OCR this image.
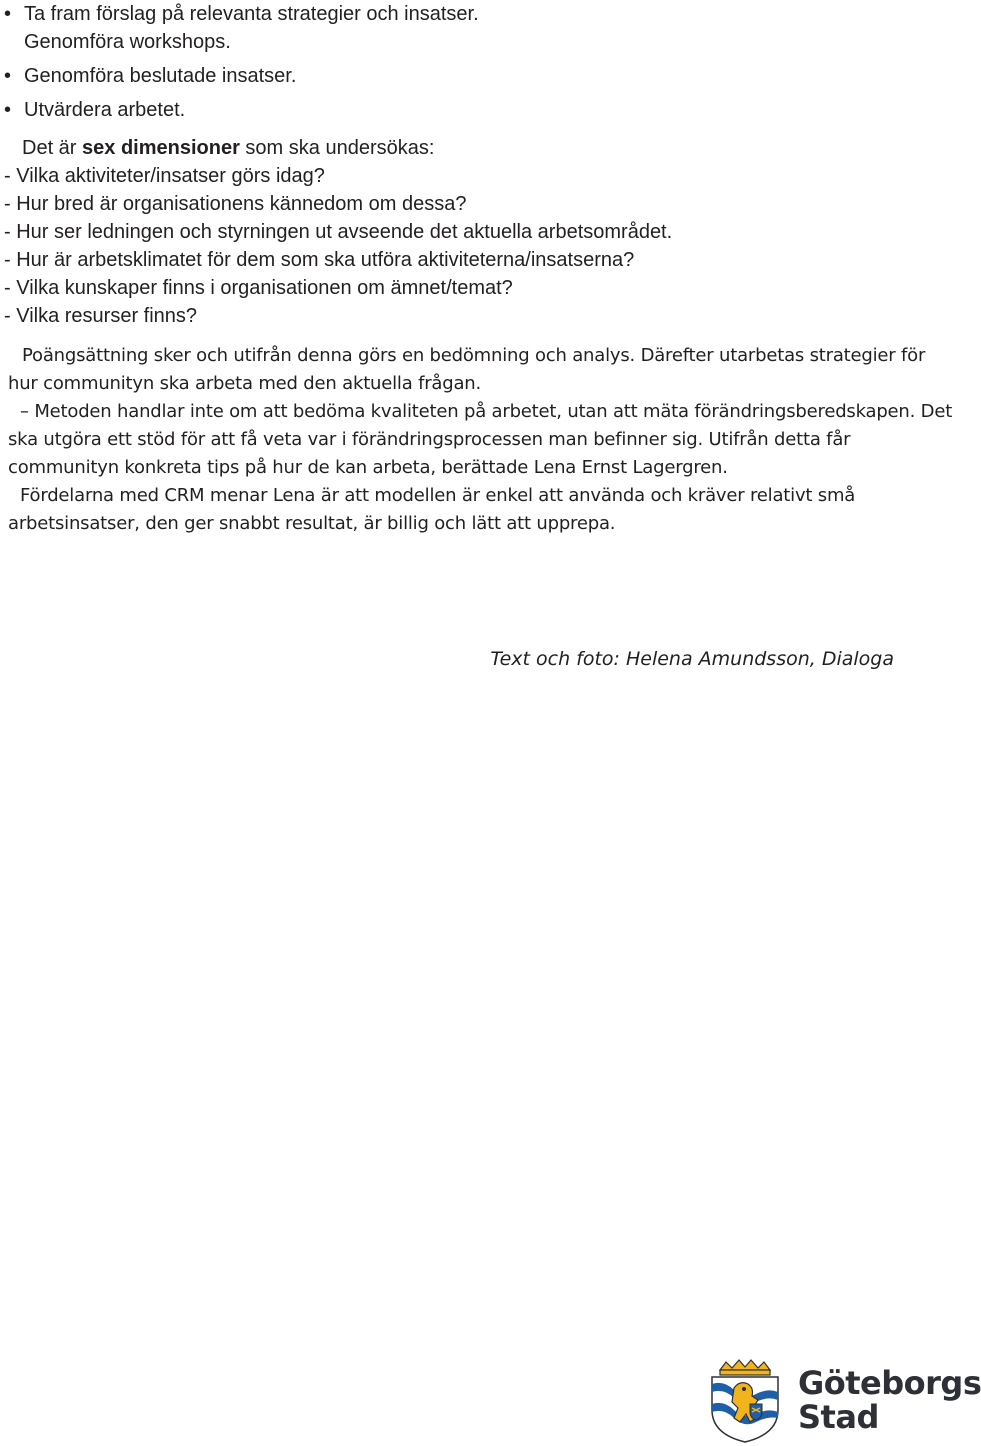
• Ta fram förslag på relevanta strategier och insatser.
Genomföra workshops.
• Genomföra beslutade insatser.
• Utvärdera arbetet.
Det är sex dimensioner som ska undersökas:
- Vilka aktiviteter/insatser görs idag?
- Hur bred är organisationens kännedom om dessa?
- Hur ser ledningen och styrningen ut avseende det aktuella arbetsområdet.
- Hur är arbetsklimatet för dem som ska utföra aktiviteterna/insatserna?
- Vilka kunskaper finns i organisationen om ämnet/temat?
- Vilka resurser finns?

Poängsättning sker och utifrån denna görs en bedömning och analys. Därefter utarbetas strategier för hur communityn ska arbeta med den aktuella frågan.

– Metoden handlar inte om att bedöma kvaliteten på arbetet, utan att mäta förändringsberedskapen. Det ska utgöra ett stöd för att få veta var i förändringsprocessen man befinner sig. Utifrån detta får communityn konkreta tips på hur de kan arbeta, berättade Lena Ernst Lagergren.

Fördelarna med CRM menar Lena är att modellen är enkel att använda och kräver relativt små arbetsinsatser, den ger snabbt resultat, är billig och lätt att upprepa.

Text och foto: Helena Amundsson, Dialoga
Göteborgs
Stad
